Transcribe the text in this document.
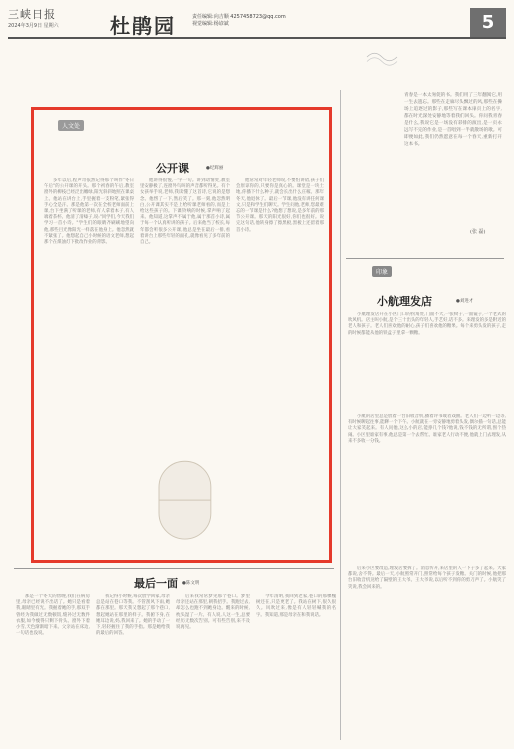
三峡日报
2024年3月9日 星期六	杜鹃园	责任编辑:向吉顺 4257458723@qq.com
视觉编辑:杨谚斌	5
人文处
公开课	●纪辉丽
多年以后,程声奇依然记得那个叫作"冬日午后"的公开课的开头。那个初春的午后,教室窗外的柳枝已经泛出嫩绿,阳光斜斜地照在课桌上。他站在讲台上,手里握着一支粉笔,紧张得手心全是汗。那是他第一次在全校老师面前上课,台下坐满了听课的老师,有人拿着本子,有人端着茶杯。他清了清嗓子,说:"同学们,今天我们学习一首小诗。"学生们的眼睛齐刷刷地望向他,那些目光像阳光一样落在他身上。他忽然就不紧张了。他想起自己小时候的语文老师,想起那个在煤油灯下批改作业的背影。
他讲得很慢,一字一句。讲到动情处,教室里安静极了,连窗外鸟叫的声音都听得见。有个女孩举手说,老师,我读懂了这首诗,它说的是想念。他愣了一下,然后笑了。那一刻,他忽然明白,公开课其实不是上给听课老师看的,而是上给这些孩子的。下课铃响的时候,掌声响了起来。他知道,这掌声不属于他,属于那首小诗,属于每一个认真听讲的孩子。后来他当了校长,每年都会听很多公开课,他总是坐在最后一排,看着讲台上那些年轻的面孔,就像看见了多年前的自己。
他常常对年轻老师说,不要怕讲错,孩子们会原谅你的,只要你是真心的。课堂是一块土地,你播下什么种子,就会长出什么庄稼。那年冬天,他退休了。最后一节课,他没有讲任何课文,只是和学生们聊天。学生问他,老师,您最难忘的一节课是什么?他想了想说,是多年前的那节公开课。那天的阳光很好,你们也很好。说完这句话,他转身擦了擦黑板,黑板上还留着那首小诗。
青春是一本太匆促的书。我们用了三年翻阅它,用一生去遗忘。那些在走廊尽头飘过的风,那些在操场上追逐过的影子,那些写在课本扉页上的名字,都在时光深处安静地等着我们回头。你问我青春是什么,我说它是一场没有彩排的演出,是一页永远写不完的作业,是一首唱到一半就散场的歌。可即便如此,我们仍然愿意在每一个春天,重新打开这本书。
(张 磊)
印象
小航理发店	●刘进才
小航理发店开在小区门口的拐角处,门面不大,一张椅子,一面镜子,一个老式的吹风机。店主叫小航,是个三十出头的年轻人,手艺好,话不多。来理发的多是附近的老人和孩子。老人们喜欢他的耐心,孩子们喜欢他的糖果。每个来剪头发的孩子,走的时候都能从他的铁盒子里拿一颗糖。
小航的店里总是放着一台旧收音机,播着评书或者戏曲。老人们一边听一边等,有时候聊起往事,能聊一个下午。小航就在一旁安静地剪着头发,偶尔插一句话,总能让大家笑起来。有人问他,这么小的店,能挣几个钱?他说,钱不钱的无所谓,图个热闹。小区里谁家有事,他总是第一个去帮忙。谁家老人行动不便,他就上门去理发,从来不多收一分钱。
后来小区要改造,理发店要拆了。消息传开,来店里的人一下子多了起来。大家都说,舍不得。最后一天,小航照常开门,照常给每个孩子发糖。关门的时候,他把那台旧收音机送给了隔壁的王大爷。王大爷说,以后听不到你的剪刀声了。小航笑了笑说,我会回来的。
最后一面 ●陈文明
那是一个冬天的傍晚,我们在病房里,母亲已经说不出话了。她只是看着我,眼睛里有光。我握着她的手,那双手曾经为我做过无数顿饭,缝补过无数件衣服,如今瘦得只剩下骨头。窗外下着小雪,天色渐渐暗下来。父亲站在床边,一句话也没说。
我记得小时候,每次放学回家,母亲总是站在巷口等我。不管刮风下雨,她都在那里。那天我又想起了那个巷口,想起她站在那里的样子。我俯下身,在她耳边说,妈,我回来了。她的手动了一下,轻轻握住了我的手指。那是她给我的最后的回答。
后来我常常梦见那个巷口。梦里母亲还站在那里,朝我招手。我跑过去,却怎么也跑不到她身边。醒来的时候,枕头湿了一片。有人说,人这一生,总要经历无数次告别。可有些告别,来不及说再见。
今年清明,我回到老家,巷口的那棵槐树还在,只是更老了。我站在树下,很久很久。风吹过来,像是有人轻轻喊我的名字。我知道,那是母亲在和我说话。
